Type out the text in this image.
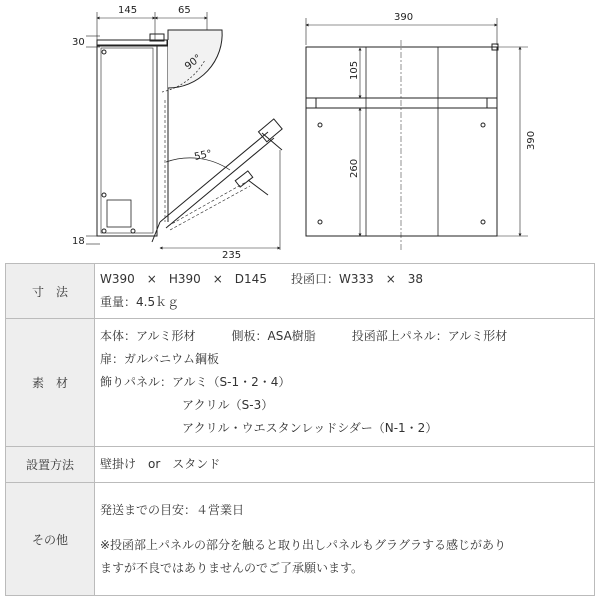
145	65
30
18
90°
55°
235
390
105
260
390
寸　法	W390　×　H390　×　D145　　投函口：W333　×　38
重量：4.5ｋｇ

素　材	本体：アルミ形材　　　側板：ASA樹脂　　　投函部上パネル：アルミ形材
扉：ガルバニウム鋼板
飾りパネル：アルミ（S-1・2・4）
アクリル（S-3）
アクリル・ウエスタンレッドシダー（N-1・2）

設置方法	壁掛け　or　スタンド

その他	発送までの目安：４営業日
※投函部上パネルの部分を触ると取り出しパネルもグラグラする感じがあり
ますが不良ではありませんのでご了承願います。
